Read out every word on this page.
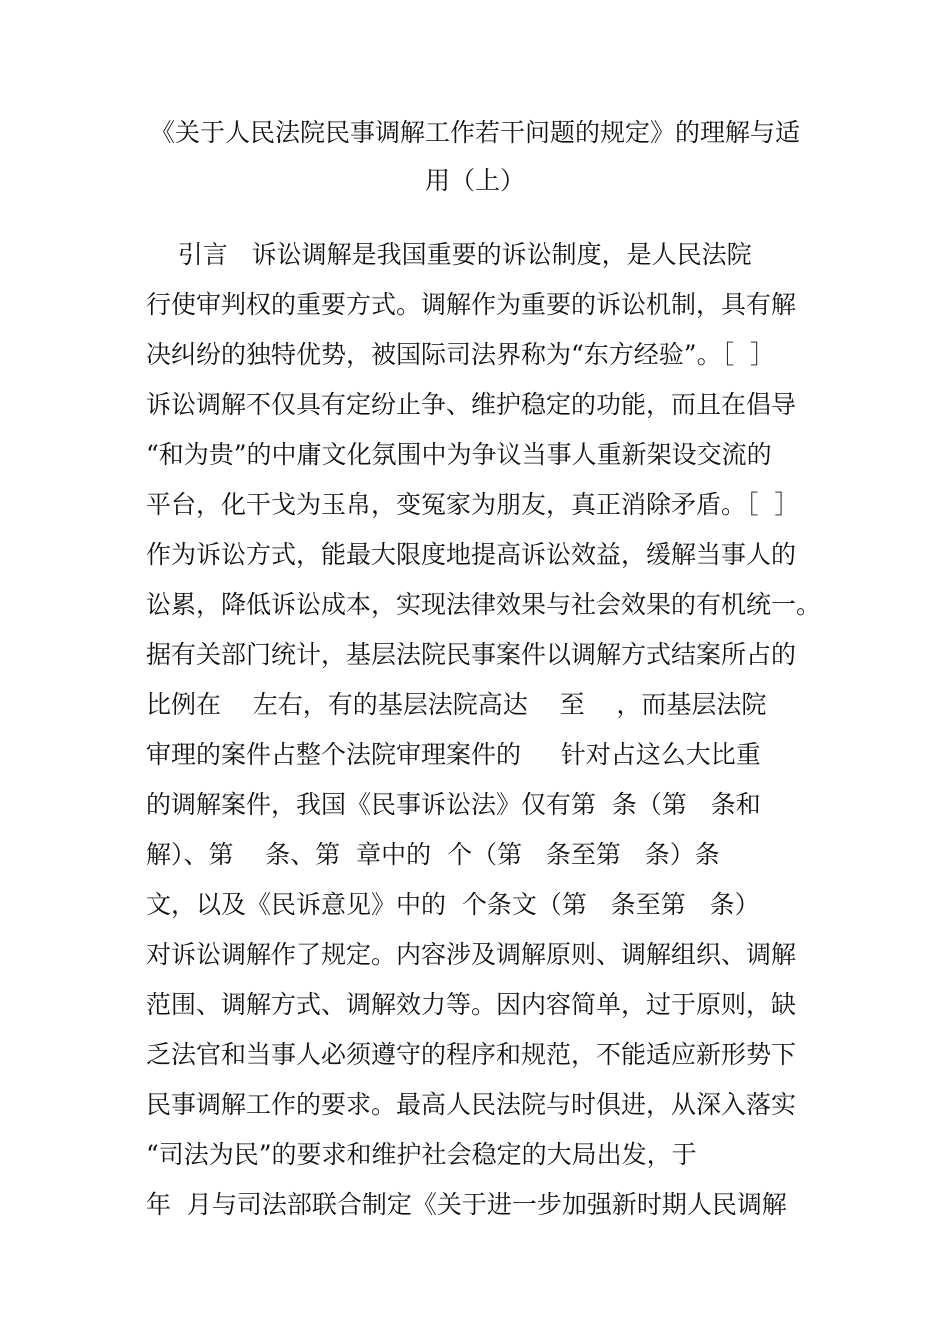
《关于人民法院民事调解工作若干问题的规定》的理解与适
用（上）
引言   诉讼调解是我国重要的诉讼制度，是人民法院
行使审判权的重要方式。调解作为重要的诉讼机制，具有解
决纠纷的独特优势，被国际司法界称为“东方经验”。［  ］
诉讼调解不仅具有定纷止争、维护稳定的功能，而且在倡导
“和为贵”的中庸文化氛围中为争议当事人重新架设交流的
平台，化干戈为玉帛，变冤家为朋友，真正消除矛盾。［  ］
作为诉讼方式，能最大限度地提高诉讼效益，缓解当事人的
讼累，降低诉讼成本，实现法律效果与社会效果的有机统一。
据有关部门统计，基层法院民事案件以调解方式结案所占的
比例在    左右，有的基层法院高达    至    ，而基层法院
审理的案件占整个法院审理案件的     针对占这么大比重
的调解案件，我国《民事诉讼法》仅有第  条（第   条和
解）、第    条、第  章中的  个（第   条至第   条）条
文，以及《民诉意见》中的  个条文（第   条至第   条）
对诉讼调解作了规定。内容涉及调解原则、调解组织、调解
范围、调解方式、调解效力等。因内容简单，过于原则，缺
乏法官和当事人必须遵守的程序和规范，不能适应新形势下
民事调解工作的要求。最高人民法院与时俱进，从深入落实
“司法为民”的要求和维护社会稳定的大局出发，于
年  月与司法部联合制定《关于进一步加强新时期人民调解
